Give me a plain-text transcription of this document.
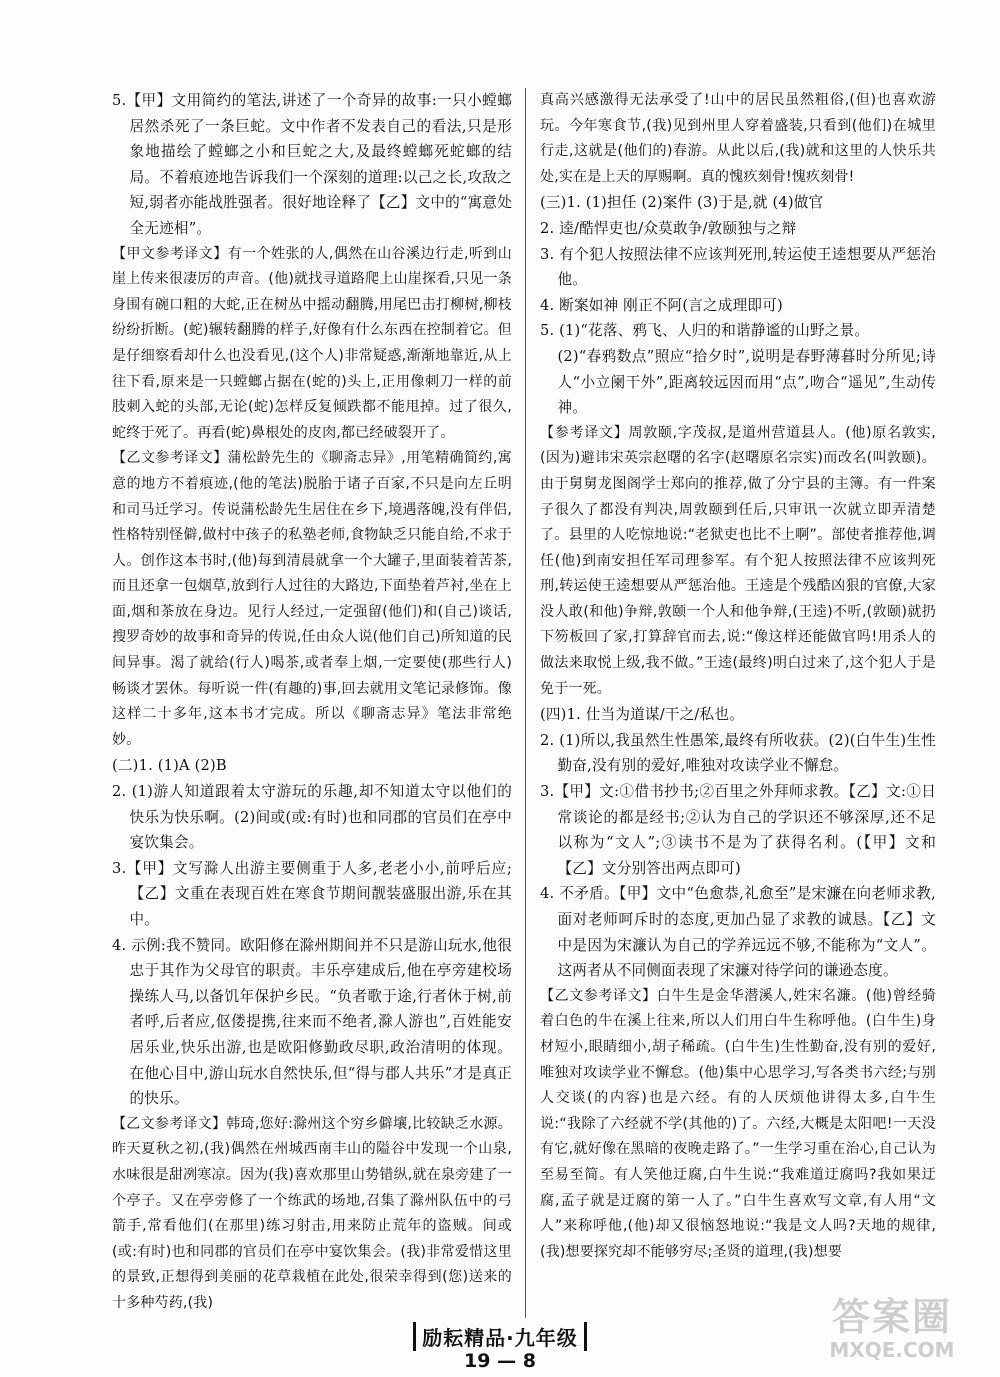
5.【甲】文用简约的笔法,讲述了一个奇异的故事:一只小螳螂居然杀死了一条巨蛇。文中作者不发表自己的看法,只是形象地描绘了螳螂之小和巨蛇之大,及最终螳螂死蛇螂的结局。不着痕迹地告诉我们一个深刻的道理:以己之长,攻敌之短,弱者亦能战胜强者。很好地诠释了【乙】文中的“寓意处全无迹相”。

【甲文参考译文】有一个姓张的人,偶然在山谷溪边行走,听到山崖上传来很凄厉的声音。(他)就找寻道路爬上山崖探看,只见一条身围有碗口粗的大蛇,正在树丛中摇动翻腾,用尾巴击打柳树,柳枝纷纷折断。(蛇)辗转翻腾的样子,好像有什么东西在控制着它。但是仔细察看却什么也没看见,(这个人)非常疑惑,渐渐地靠近,从上往下看,原来是一只螳螂占据在(蛇的)头上,正用像刺刀一样的前肢刺入蛇的头部,无论(蛇)怎样反复倾跌都不能甩掉。过了很久,蛇终于死了。再看(蛇)鼻根处的皮肉,都已经破裂开了。

【乙文参考译文】蒲松龄先生的《聊斋志异》,用笔精确简约,寓意的地方不着痕迹,(他的笔法)脱胎于诸子百家,不只是向左丘明和司马迁学习。传说蒲松龄先生居住在乡下,境遇落魄,没有伴侣,性格特别怪僻,做村中孩子的私塾老师,食物缺乏只能自给,不求于人。创作这本书时,(他)每到清晨就拿一个大罐子,里面装着苦茶,而且还拿一包烟草,放到行人过往的大路边,下面垫着芦衬,坐在上面,烟和茶放在身边。见行人经过,一定强留(他们)和(自己)谈话,搜罗奇妙的故事和奇异的传说,任由众人说(他们自己)所知道的民间异事。渴了就给(行人)喝茶,或者奉上烟,一定要使(那些行人)畅谈才罢休。每听说一件(有趣的)事,回去就用文笔记录修饰。像这样二十多年,这本书才完成。所以《聊斋志异》笔法非常绝妙。

(二)1. (1)A (2)B

2. (1)游人知道跟着太守游玩的乐趣,却不知道太守以他们的快乐为快乐啊。(2)间或(或:有时)也和同郡的官员们在亭中宴饮集会。

3.【甲】文写滁人出游主要侧重于人多,老老小小,前呼后应;【乙】文重在表现百姓在寒食节期间靓装盛服出游,乐在其中。

4. 示例:我不赞同。欧阳修在滁州期间并不只是游山玩水,他很忠于其作为父母官的职责。丰乐亭建成后,他在亭旁建校场操练人马,以备饥年保护乡民。“负者歌于途,行者休于树,前者呼,后者应,伛偻提携,往来而不绝者,滁人游也”,百姓能安居乐业,快乐出游,也是欧阳修勤政尽职,政治清明的体现。在他心目中,游山玩水自然快乐,但“得与郡人共乐”才是真正的快乐。

【乙文参考译文】韩琦,您好:滁州这个穷乡僻壤,比较缺乏水源。昨天夏秋之初,(我)偶然在州城西南丰山的隘谷中发现一个山泉,水味很是甜冽寒凉。因为(我)喜欢那里山势错纵,就在泉旁建了一个亭子。又在亭旁修了一个练武的场地,召集了滁州队伍中的弓箭手,常看他们(在那里)练习射击,用来防止荒年的盗贼。间或(或:有时)也和同郡的官员们在亭中宴饮集会。(我)非常爱惜这里的景致,正想得到美丽的花草栽植在此处,很荣幸得到(您)送来的十多种芍药,(我)

真高兴感激得无法承受了!山中的居民虽然粗俗,(但)也喜欢游玩。今年寒食节,(我)见到州里人穿着盛装,只看到(他们)在城里行走,这就是(他们的)春游。从此以后,(我)就和这里的人快乐共处,实在是上天的厚赐啊。真的愧疚刻骨!愧疚刻骨!

(三)1. (1)担任 (2)案件 (3)于是,就 (4)做官

2. 逵/酷悍吏也/众莫敢争/敦颐独与之辩

3. 有个犯人按照法律不应该判死刑,转运使王逵想要从严惩治他。

4. 断案如神 刚正不阿(言之成理即可)

5. (1)“花落、鸦飞、人归的和谐静谧的山野之景。

(2)“春鸦数点”照应“拾夕时”,说明是春野薄暮时分所见;诗人“小立阑干外”,距离较远因而用“点”,吻合“遥见”,生动传神。

【参考译文】周敦颐,字茂叔,是道州营道县人。(他)原名敦实,(因为)避讳宋英宗赵曙的名字(赵曙原名宗实)而改名(叫敦颐)。由于舅舅龙图阁学士郑向的推荐,做了分宁县的主簿。有一件案子很久了都没有判决,周敦颐到任后,只审讯一次就立即弄清楚了。县里的人吃惊地说:“老狱吏也比不上啊”。部使者推荐他,调任(他)到南安担任军司理参军。有个犯人按照法律不应该判死刑,转运使王逵想要从严惩治他。王逵是个残酷凶狠的官僚,大家没人敢(和他)争辩,敦颐一个人和他争辩,(王逵)不听,(敦颐)就扔下笏板回了家,打算辞官而去,说:“像这样还能做官吗!用杀人的做法来取悦上级,我不做。”王逵(最终)明白过来了,这个犯人于是免于一死。

(四)1. 仕当为道谋/干之/私也。

2. (1)所以,我虽然生性愚笨,最终有所收获。(2)(白牛生)生性勤奋,没有别的爱好,唯独对攻读学业不懈怠。

3.【甲】文:①借书抄书;②百里之外拜师求教。【乙】文:①日常谈论的都是经书;②认为自己的学识还不够深厚,还不足以称为“文人”;③读书不是为了获得名利。(【甲】文和【乙】文分别答出两点即可)

4. 不矛盾。【甲】文中“色愈恭,礼愈至”是宋濂在向老师求教,面对老师呵斥时的态度,更加凸显了求教的诚恳。【乙】文中是因为宋濂认为自己的学养远远不够,不能称为“文人”。这两者从不同侧面表现了宋濂对待学问的谦逊态度。

【乙文参考译文】白牛生是金华潜溪人,姓宋名濂。(他)曾经骑着白色的牛在溪上往来,所以人们用白牛生称呼他。(白牛生)身材短小,眼睛细小,胡子稀疏。(白牛生)生性勤奋,没有别的爱好,唯独对攻读学业不懈怠。(他)集中心思学习,写各类书六经;与别人交谈(的内容)也是六经。有的人厌烦他讲得太多,白牛生说:“我除了六经就不学(其他的)了。六经,大概是太阳吧!一天没有它,就好像在黑暗的夜晚走路了。”一生学习重在治心,自己认为至易至简。有人笑他迂腐,白牛生说:“我难道迂腐吗?我如果迂腐,孟子就是迂腐的第一人了。”白牛生喜欢写文章,有人用“文人”来称呼他,(他)却又很恼怒地说:“我是文人吗?天地的规律,(我)想要探究却不能够穷尽;圣贤的道理,(我)想要

励耘精品·九年级
19 — 8
答案圈
MXQE.COM
